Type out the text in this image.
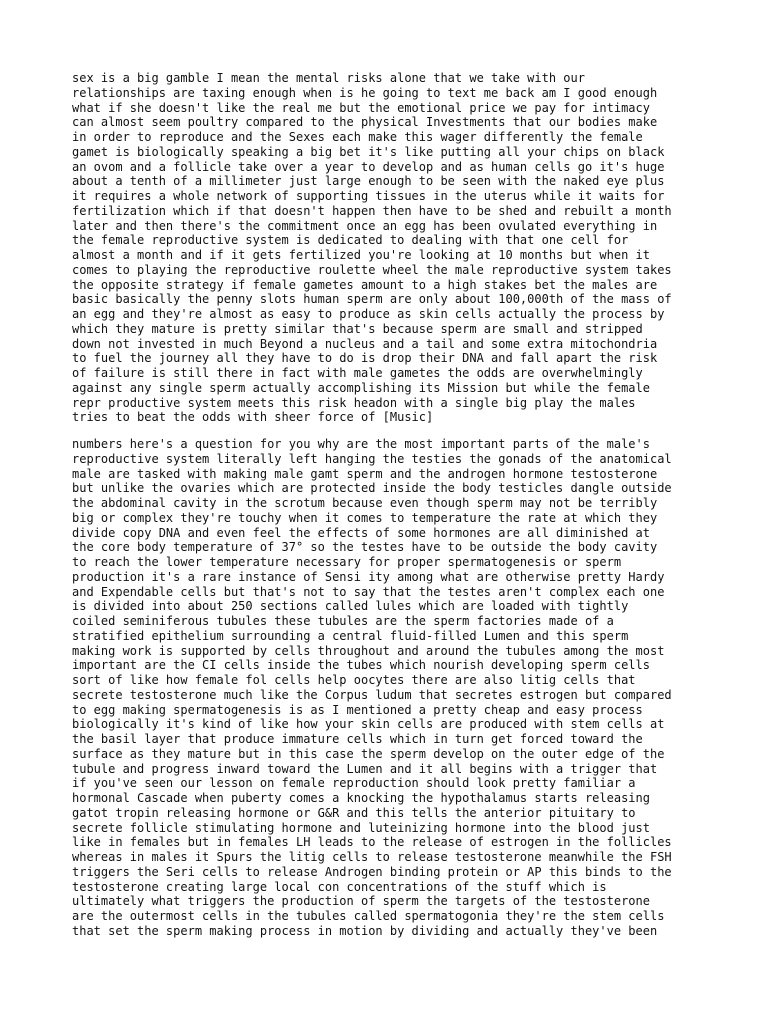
sex is a big gamble I mean the mental risks alone that we take with our
relationships are taxing enough when is he going to text me back am I good enough
what if she doesn't like the real me but the emotional price we pay for intimacy
can almost seem poultry compared to the physical Investments that our bodies make
in order to reproduce and the Sexes each make this wager differently the female
gamet is biologically speaking a big bet it's like putting all your chips on black
an ovom and a follicle take over a year to develop and as human cells go it's huge
about a tenth of a millimeter just large enough to be seen with the naked eye plus
it requires a whole network of supporting tissues in the uterus while it waits for
fertilization which if that doesn't happen then have to be shed and rebuilt a month
later and then there's the commitment once an egg has been ovulated everything in
the female reproductive system is dedicated to dealing with that one cell for
almost a month and if it gets fertilized you're looking at 10 months but when it
comes to playing the reproductive roulette wheel the male reproductive system takes
the opposite strategy if female gametes amount to a high stakes bet the males are
basic basically the penny slots human sperm are only about 100,000th of the mass of
an egg and they're almost as easy to produce as skin cells actually the process by
which they mature is pretty similar that's because sperm are small and stripped
down not invested in much Beyond a nucleus and a tail and some extra mitochondria
to fuel the journey all they have to do is drop their DNA and fall apart the risk
of failure is still there in fact with male gametes the odds are overwhelmingly
against any single sperm actually accomplishing its Mission but while the female
repr productive system meets this risk headon with a single big play the males
tries to beat the odds with sheer force of [Music]

numbers here's a question for you why are the most important parts of the male's
reproductive system literally left hanging the testies the gonads of the anatomical
male are tasked with making male gamt sperm and the androgen hormone testosterone
but unlike the ovaries which are protected inside the body testicles dangle outside
the abdominal cavity in the scrotum because even though sperm may not be terribly
big or complex they're touchy when it comes to temperature the rate at which they
divide copy DNA and even feel the effects of some hormones are all diminished at
the core body temperature of 37° so the testes have to be outside the body cavity
to reach the lower temperature necessary for proper spermatogenesis or sperm
production it's a rare instance of Sensi ity among what are otherwise pretty Hardy
and Expendable cells but that's not to say that the testes aren't complex each one
is divided into about 250 sections called lules which are loaded with tightly
coiled seminiferous tubules these tubules are the sperm factories made of a
stratified epithelium surrounding a central fluid-filled Lumen and this sperm
making work is supported by cells throughout and around the tubules among the most
important are the CI cells inside the tubes which nourish developing sperm cells
sort of like how female fol cells help oocytes there are also litig cells that
secrete testosterone much like the Corpus ludum that secretes estrogen but compared
to egg making spermatogenesis is as I mentioned a pretty cheap and easy process
biologically it's kind of like how your skin cells are produced with stem cells at
the basil layer that produce immature cells which in turn get forced toward the
surface as they mature but in this case the sperm develop on the outer edge of the
tubule and progress inward toward the Lumen and it all begins with a trigger that
if you've seen our lesson on female reproduction should look pretty familiar a
hormonal Cascade when puberty comes a knocking the hypothalamus starts releasing
gatot tropin releasing hormone or G&R and this tells the anterior pituitary to
secrete follicle stimulating hormone and luteinizing hormone into the blood just
like in females but in females LH leads to the release of estrogen in the follicles
whereas in males it Spurs the litig cells to release testosterone meanwhile the FSH
triggers the Seri cells to release Androgen binding protein or AP this binds to the
testosterone creating large local con concentrations of the stuff which is
ultimately what triggers the production of sperm the targets of the testosterone
are the outermost cells in the tubules called spermatogonia they're the stem cells
that set the sperm making process in motion by dividing and actually they've been
